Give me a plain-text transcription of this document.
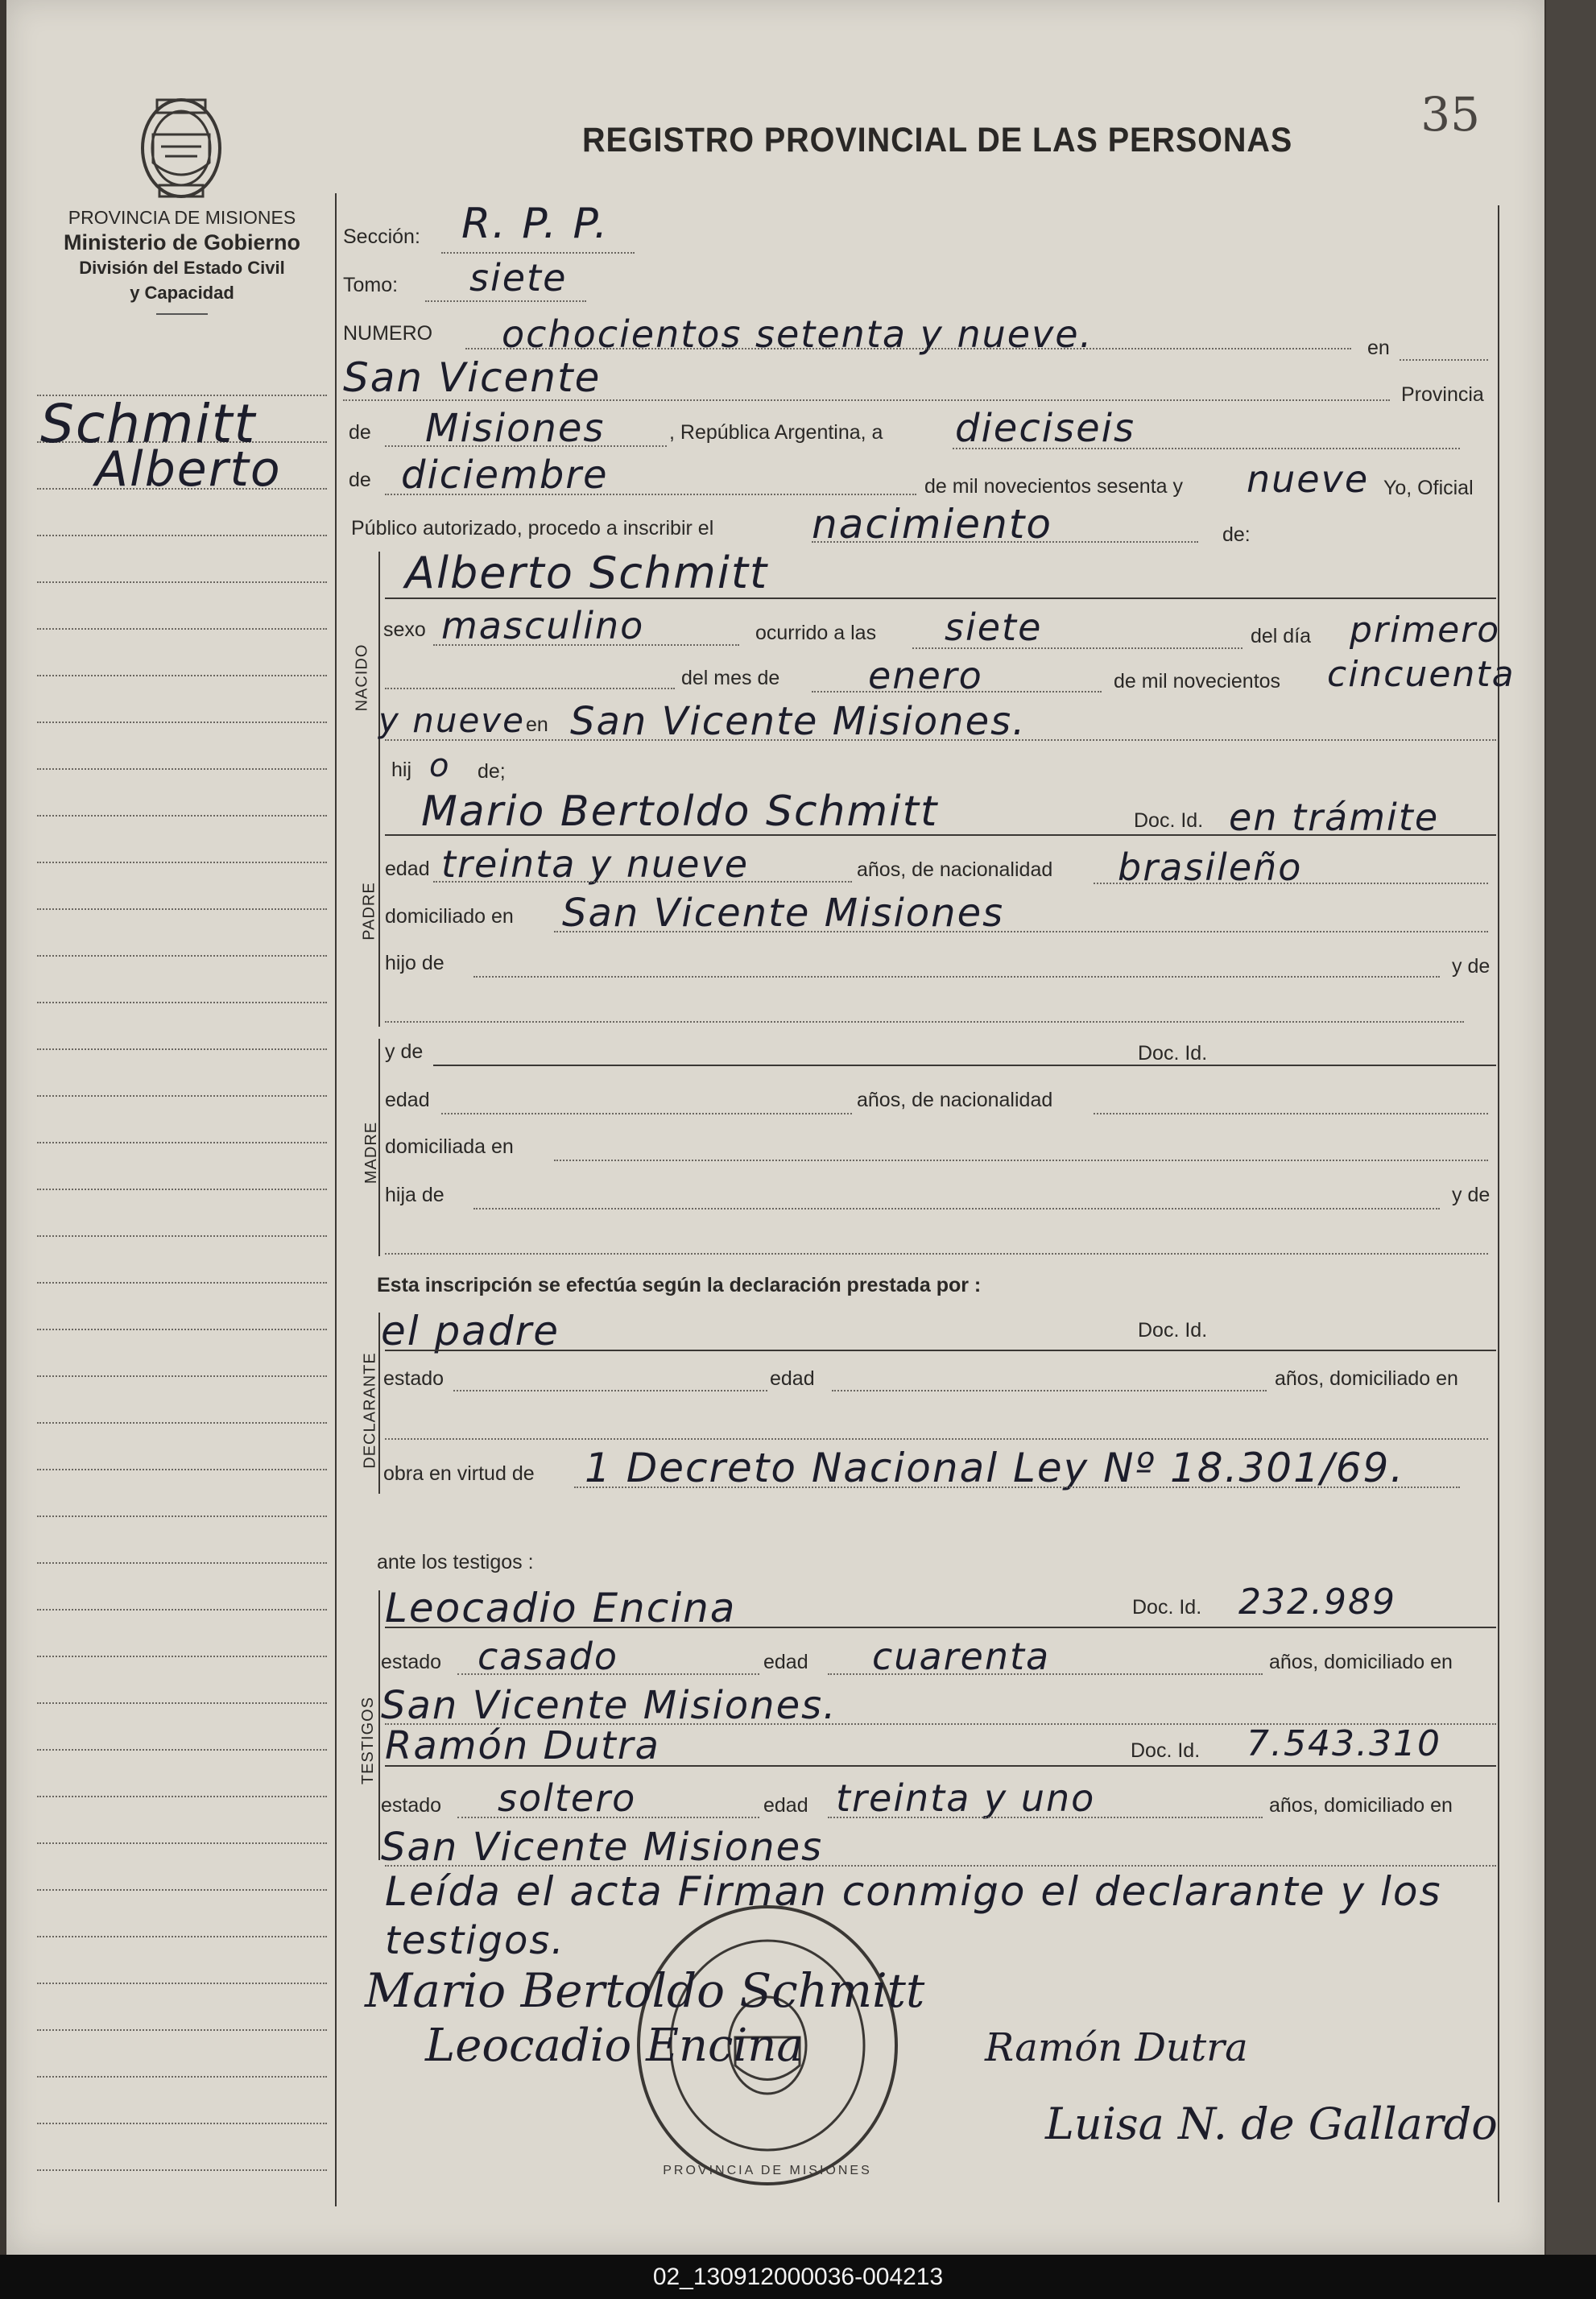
35
REGISTRO PROVINCIAL DE LAS PERSONAS
PROVINCIA DE MISIONES
Ministerio de Gobierno
División del Estado Civil
y Capacidad
Schmitt
Alberto
Sección: R. P. P.
Tomo: siete
NUMERO ochocientos setenta y nueve.	en
San Vicente	Provincia
de Misiones	, República Argentina, a dieciseis
de diciembre	de mil novecientos sesenta y nueve Yo, Oficial
Público autorizado, procedo a inscribir el nacimiento	de:
NACIDO
Alberto Schmitt
sexo masculino	ocurrido a las siete	del día primero
del mes de enero	de mil novecientos cincuenta
y nueve en San Vicente Misiones.
hij o de;
PADRE
Mario Bertoldo Schmitt	Doc. Id. en trámite
edad treinta y nueve	años, de nacionalidad brasileño
domiciliado en San Vicente Misiones
hijo de	y de
MADRE
y de	Doc. Id.
edad	años, de nacionalidad
domiciliada en
hija de	y de
Esta inscripción se efectúa según la declaración prestada por :
DECLARANTE
el padre	Doc. Id.
estado	edad	años, domiciliado en
obra en virtud de 1 Decreto Nacional Ley Nº 18.301/69.
ante los testigos :
TESTIGOS
Leocadio Encina	Doc. Id. 232.989
estado casado	edad cuarenta	años, domiciliado en
San Vicente Misiones.
Ramón Dutra	Doc. Id. 7.543.310
estado soltero	edad treinta y uno	años, domiciliado en
San Vicente Misiones
Leída el acta Firman conmigo el declarante y los
testigos.
PROVINCIA DE MISIONES
Mario Bertoldo Schmitt
Leocadio Encina	Ramón Dutra
Luisa N. de Gallardo
02_130912000036-004213
